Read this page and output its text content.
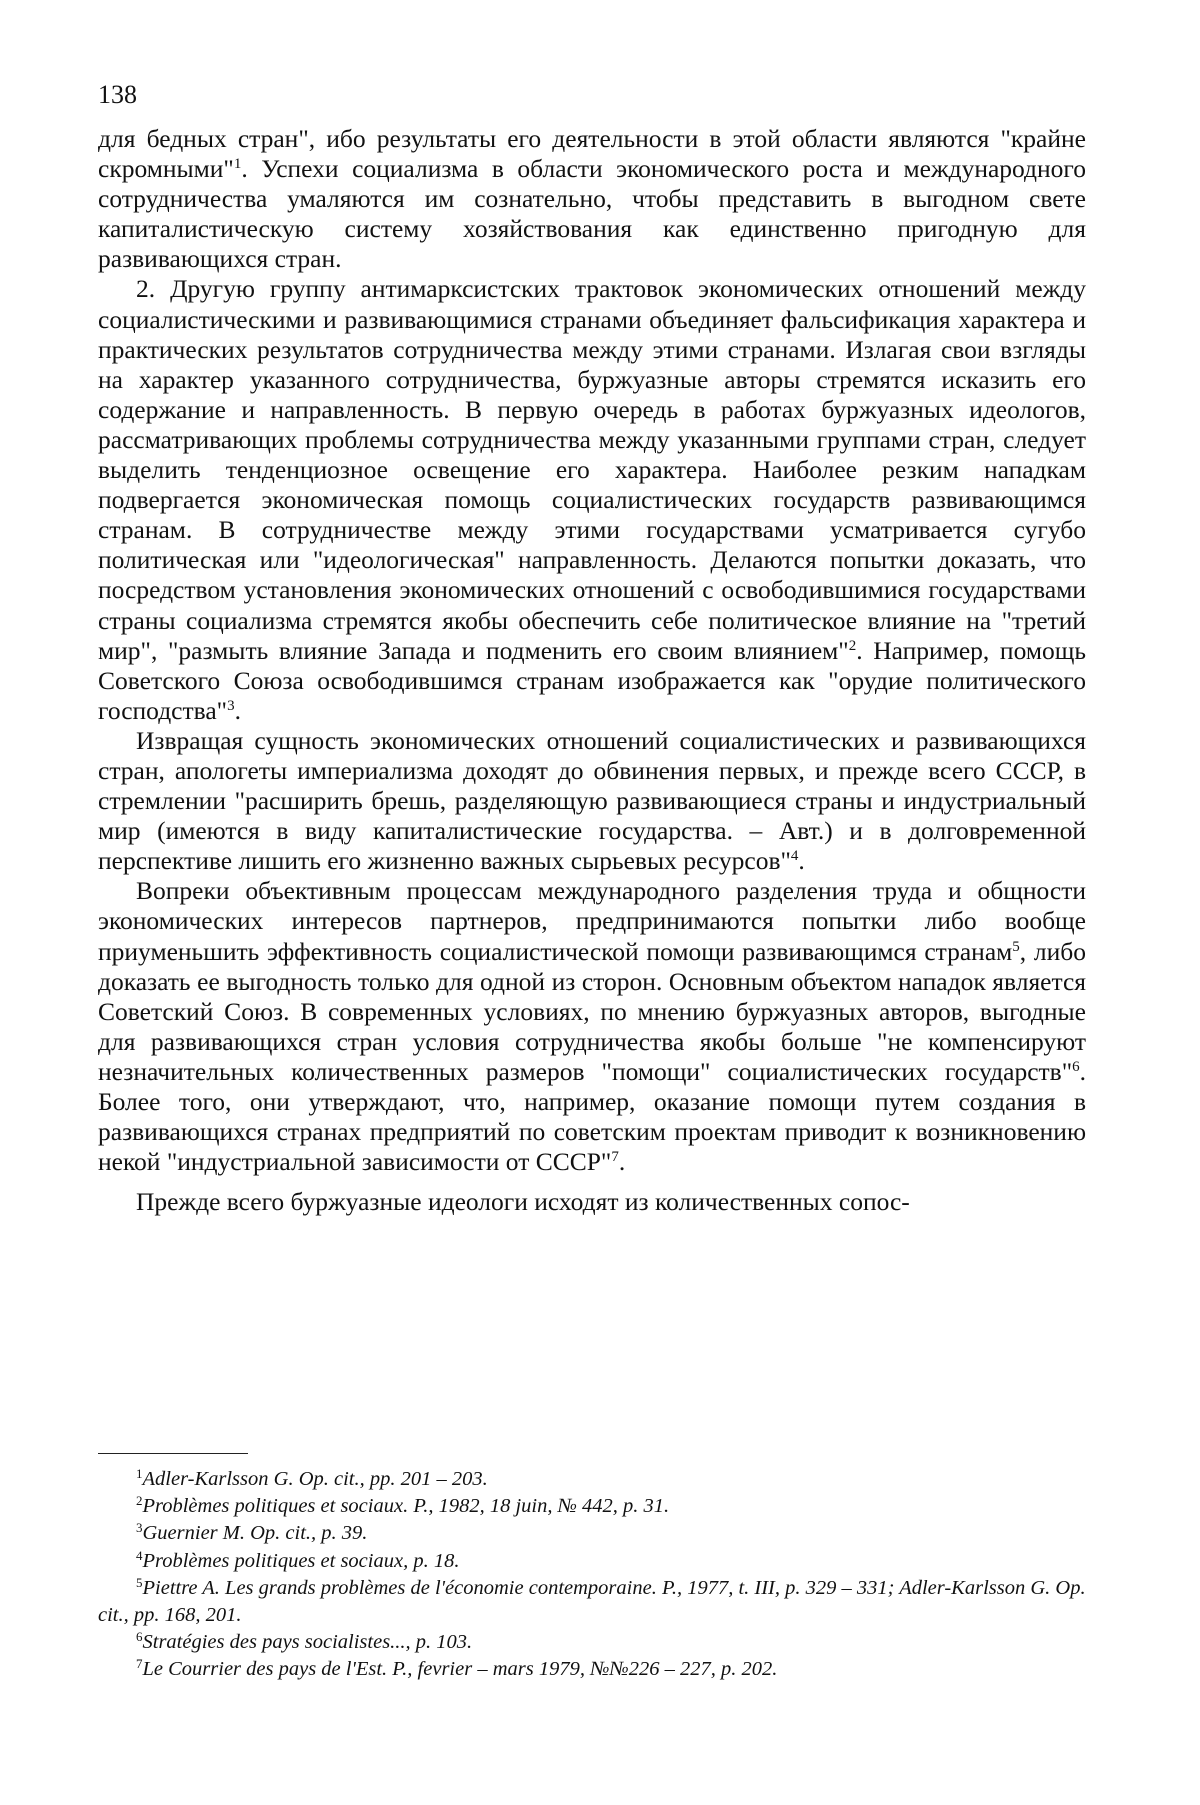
138

для бедных стран", ибо результаты его деятельности в этой области являются "крайне скромными"$^1$. Успехи социализма в области экономического роста и международного сотрудничества умаляются им сознательно, чтобы представить в выгодном свете капиталистическую систему хозяйствования как единственно пригодную для развивающихся стран.

2. Другую группу антимарксистских трактовок экономических отношений между социалистическими и развивающимися странами объединяет фальсификация характера и практических результатов сотрудничества между этими странами. Излагая свои взгляды на характер указанного сотрудничества, буржуазные авторы стремятся исказить его содержание и направленность. В первую очередь в работах буржуазных идеологов, рассматривающих проблемы сотрудничества между указанными группами стран, следует выделить тенденциозное освещение его характера. Наиболее резким нападкам подвергается экономическая помощь социалистических государств развивающимся странам. В сотрудничестве между этими государствами усматривается сугубо политическая или "идеологическая" направленность. Делаются попытки доказать, что посредством установления экономических отношений с освободившимися государствами страны социализма стремятся якобы обеспечить себе политическое влияние на "третий мир", "размыть влияние Запада и подменить его своим влиянием"$^2$. Например, помощь Советского Союза освободившимся странам изображается как "орудие политического господства"$^3$.

Извращая сущность экономических отношений социалистических и развивающихся стран, апологеты империализма доходят до обвинения первых, и прежде всего СССР, в стремлении "расширить брешь, разделяющую развивающиеся страны и индустриальный мир (имеются в виду капиталистические государства. – Авт.) и в долговременной перспективе лишить его жизненно важных сырьевых ресурсов"$^4$.

Вопреки объективным процессам международного разделения труда и общности экономических интересов партнеров, предпринимаются попытки либо вообще приуменьшить эффективность социалистической помощи развивающимся странам$^5$, либо доказать ее выгодность только для одной из сторон. Основным объектом нападок является Советский Союз. В современных условиях, по мнению буржуазных авторов, выгодные для развивающихся стран условия сотрудничества якобы больше "не компенсируют незначительных количественных размеров "помощи" социалистических государств"$^6$. Более того, они утверждают, что, например, оказание помощи путем создания в развивающихся странах предприятий по советским проектам приводит к возникновению некой "индустриальной зависимости от СССР"$^7$.

Прежде всего буржуазные идеологи исходят из количественных сопос-

$^1$Adler-Karlsson G. Op. cit., pp. 201 – 203.

$^2$Problèmes politiques et sociaux. P., 1982, 18 juin, № 442, p. 31.

$^3$Guernier M. Op. cit., p. 39.

$^4$Problèmes politiques et sociaux, p. 18.

$^5$Piettre A. Les grands problèmes de l'économie contemporaine. P., 1977, t. III, p. 329 – 331; Adler-Karlsson G. Op. cit., pp. 168, 201.

$^6$Stratégies des pays socialistes..., p. 103.

$^7$Le Courrier des pays de l'Est. P., fevrier – mars 1979, №№226 – 227, p. 202.
